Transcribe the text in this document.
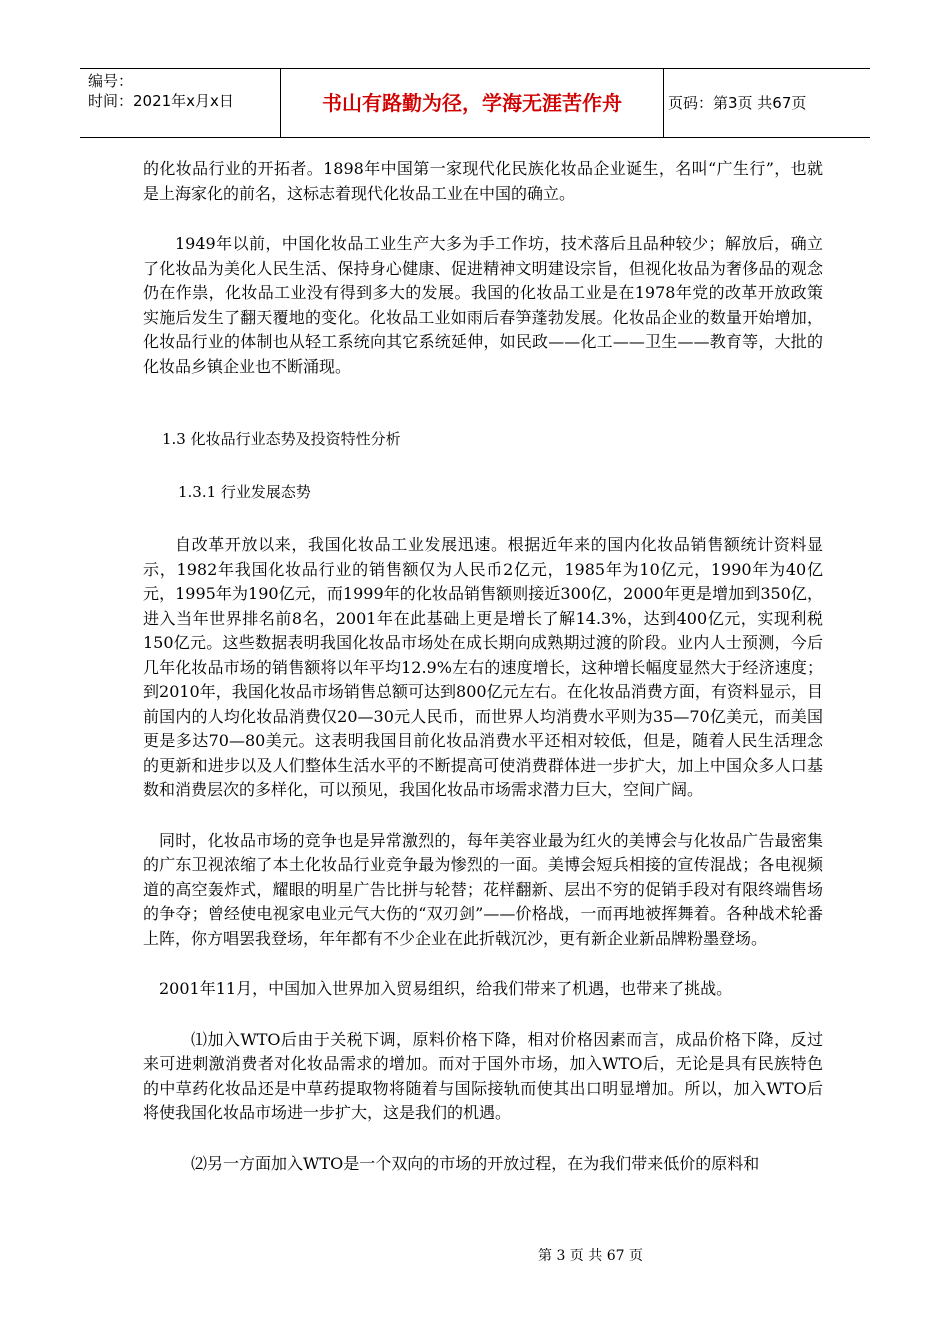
编号：
时间：2021年x月x日	书山有路勤为径，学海无涯苦作舟	页码：第3页 共67页

的化妆品行业的开拓者。1898年中国第一家现代化民族化妆品企业诞生，名叫“广生行”，也就是上海家化的前名，这标志着现代化妆品工业在中国的确立。

1949年以前，中国化妆品工业生产大多为手工作坊，技术落后且品种较少；解放后，确立了化妆品为美化人民生活、保持身心健康、促进精神文明建设宗旨，但视化妆品为奢侈品的观念仍在作祟，化妆品工业没有得到多大的发展。我国的化妆品工业是在1978年党的改革开放政策实施后发生了翻天覆地的变化。化妆品工业如雨后春笋蓬勃发展。化妆品企业的数量开始增加，化妆品行业的体制也从轻工系统向其它系统延伸，如民政——化工——卫生——教育等，大批的化妆品乡镇企业也不断涌现。

1.3 化妆品行业态势及投资特性分析

1.3.1 行业发展态势

自改革开放以来，我国化妆品工业发展迅速。根据近年来的国内化妆品销售额统计资料显示，1982年我国化妆品行业的销售额仅为人民币2亿元，1985年为10亿元，1990年为40亿元，1995年为190亿元，而1999年的化妆品销售额则接近300亿，2000年更是增加到350亿，进入当年世界排名前8名，2001年在此基础上更是增长了解14.3%，达到400亿元，实现利税150亿元。这些数据表明我国化妆品市场处在成长期向成熟期过渡的阶段。业内人士预测，今后几年化妆品市场的销售额将以年平均12.9%左右的速度增长，这种增长幅度显然大于经济速度；到2010年，我国化妆品市场销售总额可达到800亿元左右。在化妆品消费方面，有资料显示，目前国内的人均化妆品消费仅20—30元人民币，而世界人均消费水平则为35—70亿美元，而美国更是多达70—80美元。这表明我国目前化妆品消费水平还相对较低，但是，随着人民生活理念的更新和进步以及人们整体生活水平的不断提高可使消费群体进一步扩大，加上中国众多人口基数和消费层次的多样化，可以预见，我国化妆品市场需求潜力巨大，空间广阔。

同时，化妆品市场的竞争也是异常激烈的，每年美容业最为红火的美博会与化妆品广告最密集的广东卫视浓缩了本土化妆品行业竞争最为惨烈的一面。美博会短兵相接的宣传混战；各电视频道的高空轰炸式，耀眼的明星广告比拼与轮替；花样翻新、层出不穷的促销手段对有限终端售场的争夺；曾经使电视家电业元气大伤的“双刃剑”——价格战，一而再地被挥舞着。各种战术轮番上阵，你方唱罢我登场，年年都有不少企业在此折戟沉沙，更有新企业新品牌粉墨登场。

2001年11月，中国加入世界加入贸易组织，给我们带来了机遇，也带来了挑战。

⑴加入WTO后由于关税下调，原料价格下降，相对价格因素而言，成品价格下降，反过来可进刺激消费者对化妆品需求的增加。而对于国外市场，加入WTO后，无论是具有民族特色的中草药化妆品还是中草药提取物将随着与国际接轨而使其出口明显增加。所以，加入WTO后将使我国化妆品市场进一步扩大，这是我们的机遇。

⑵另一方面加入WTO是一个双向的市场的开放过程，在为我们带来低价的原料和

第 3 页 共 67 页
